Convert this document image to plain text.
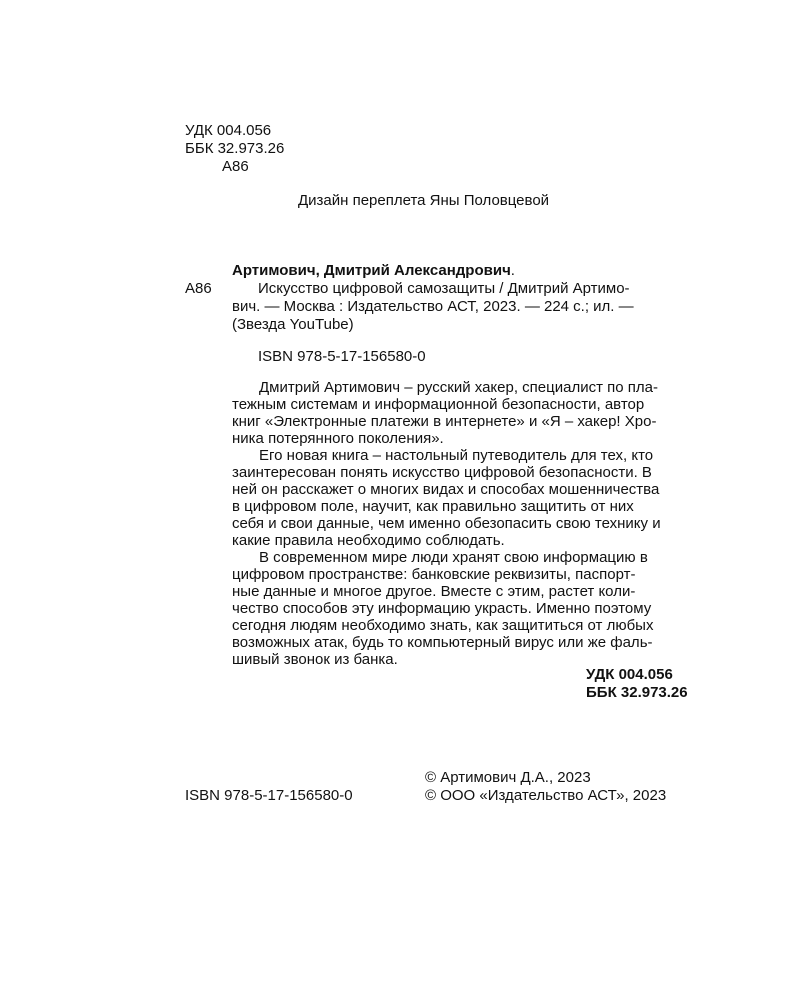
УДК 004.056
ББК 32.973.26
А86
Дизайн переплета Яны Половцевой
Артимович, Дмитрий Александрович.
А86	Искусство цифровой самозащиты / Дмитрий Артимо-
вич. — Москва : Издательство АСТ, 2023. — 224 с.; ил. —
(Звезда YouTube)
ISBN 978-5-17-156580-0
Дмитрий Артимович – русский хакер, специалист по пла-
тежным системам и информационной безопасности, автор
книг «Электронные платежи в интернете» и «Я – хакер! Хро-
ника потерянного поколения».
Его новая книга – настольный путеводитель для тех, кто
заинтересован понять искусство цифровой безопасности. В
ней он расскажет о многих видах и способах мошенничества
в цифровом поле, научит, как правильно защитить от них
себя и свои данные, чем именно обезопасить свою технику и
какие правила необходимо соблюдать.
В современном мире люди хранят свою информацию в
цифровом пространстве: банковские реквизиты, паспорт-
ные данные и многое другое. Вместе с этим, растет коли-
чество способов эту информацию украсть. Именно поэтому
сегодня людям необходимо знать, как защититься от любых
возможных атак, будь то компьютерный вирус или же фаль-
шивый звонок из банка.
УДК 004.056
ББК 32.973.26
© Артимович Д.А., 2023
ISBN 978-5-17-156580-0	© ООО «Издательство АСТ», 2023
